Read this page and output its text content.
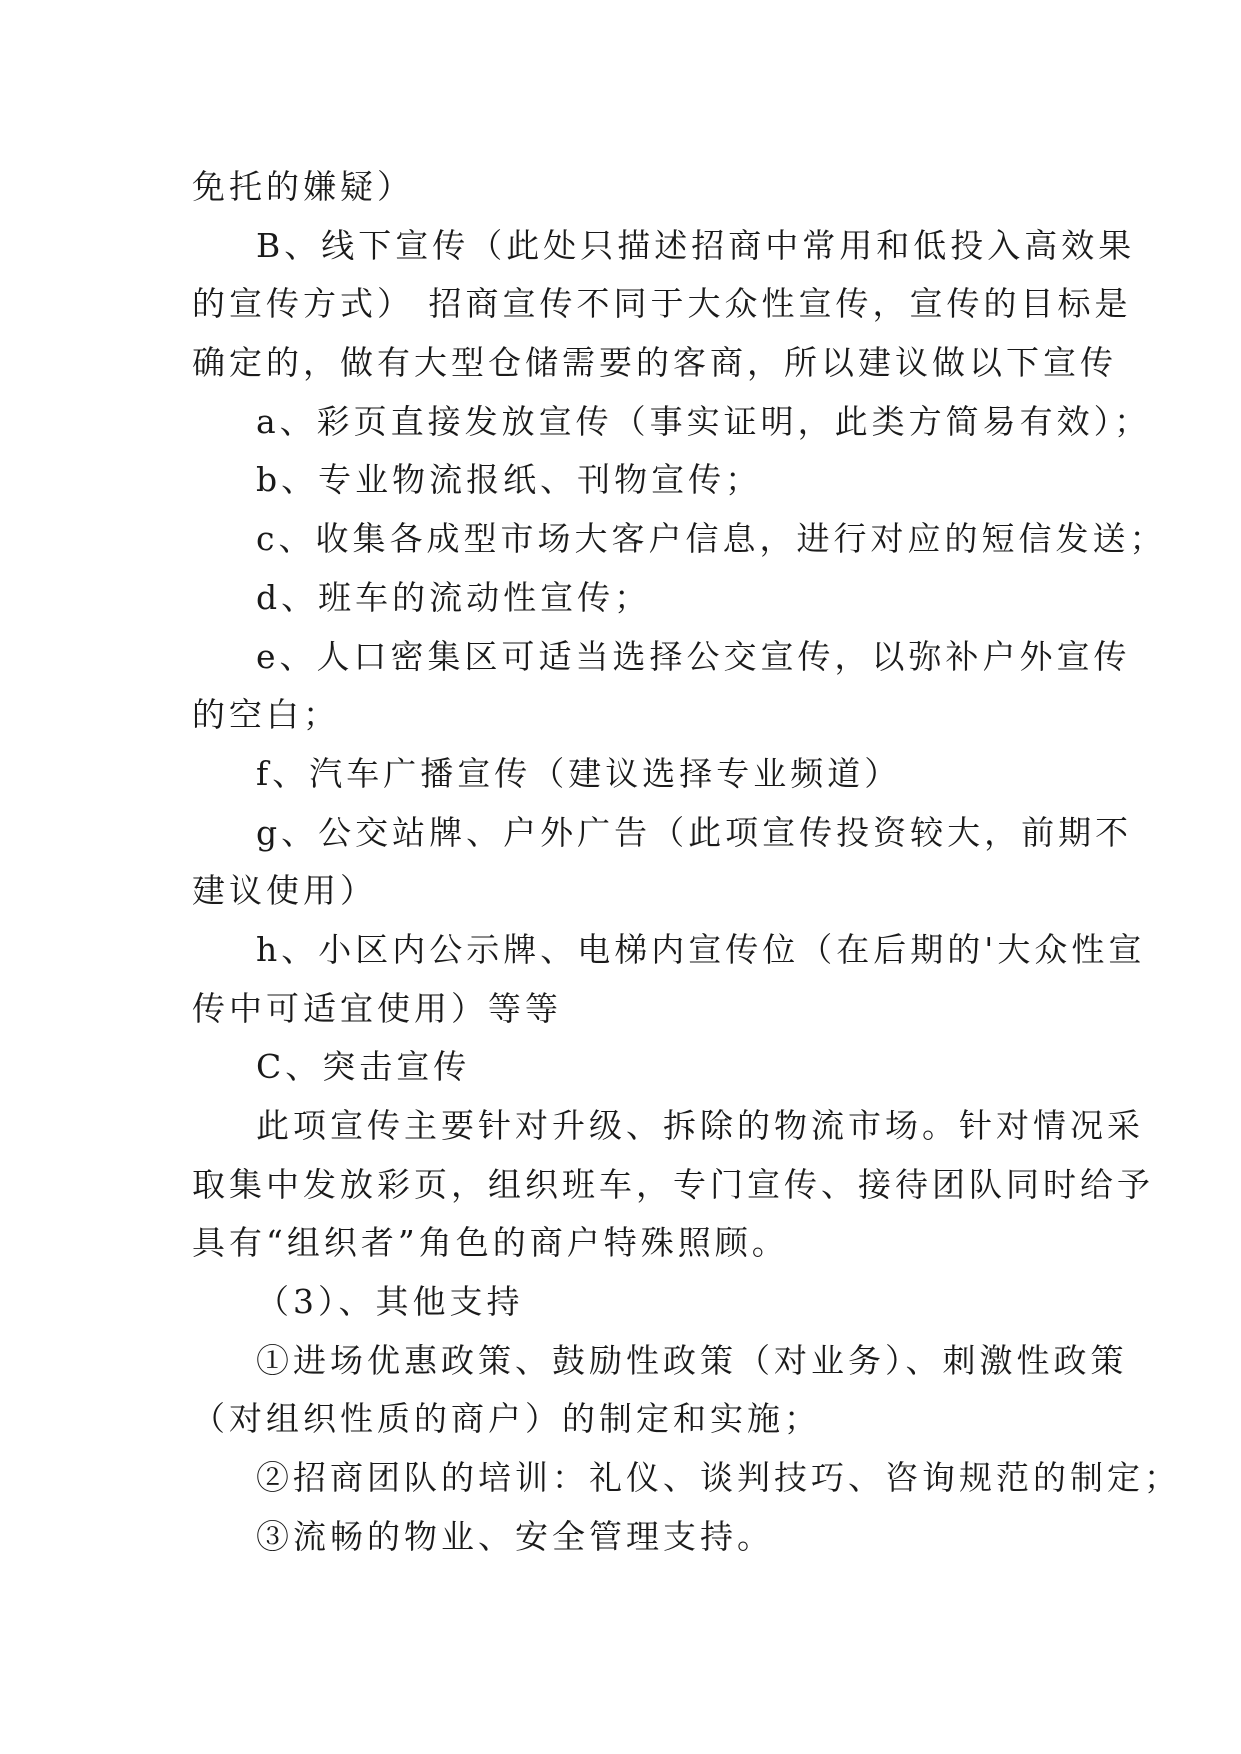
免托的嫌疑）

B、线下宣传（此处只描述招商中常用和低投入高效果

的宣传方式） 招商宣传不同于大众性宣传，宣传的目标是

确定的，做有大型仓储需要的客商，所以建议做以下宣传

a、彩页直接发放宣传（事实证明，此类方简易有效）；

b、专业物流报纸、刊物宣传；

c、收集各成型市场大客户信息，进行对应的短信发送；

d、班车的流动性宣传；

e、人口密集区可适当选择公交宣传，以弥补户外宣传

的空白；

f、汽车广播宣传（建议选择专业频道）

g、公交站牌、户外广告（此项宣传投资较大，前期不

建议使用）

h、小区内公示牌、电梯内宣传位（在后期的'大众性宣

传中可适宜使用）等等

C、突击宣传

此项宣传主要针对升级、拆除的物流市场。针对情况采

取集中发放彩页，组织班车，专门宣传、接待团队同时给予

具有“组织者”角色的商户特殊照顾。

（3）、其他支持

①进场优惠政策、鼓励性政策（对业务）、刺激性政策

（对组织性质的商户）的制定和实施；

②招商团队的培训：礼仪、谈判技巧、咨询规范的制定；

③流畅的物业、安全管理支持。
